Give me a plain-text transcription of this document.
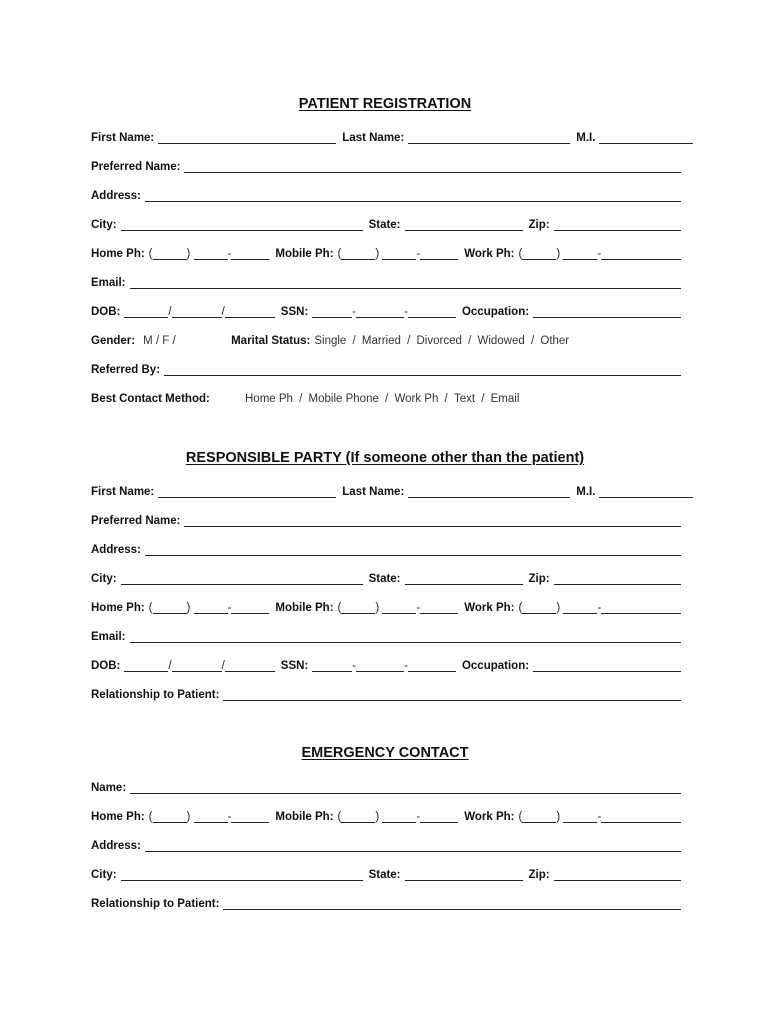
PATIENT REGISTRATION
First Name:	Last Name:	M.I.
Preferred Name:
Address:
City:	State:	Zip:
Home Ph: (	)	-	Mobile Ph: (	)	-	Work Ph: (	)	-
Email:
DOB:	/	/	SSN:	-	-	Occupation:
Gender: M / F /	Marital Status: Single / Married / Divorced / Widowed / Other
Referred By:
Best Contact Method:	Home Ph / Mobile Phone / Work Ph / Text / Email
RESPONSIBLE PARTY (If someone other than the patient)
First Name:	Last Name:	M.I.
Preferred Name:
Address:
City:	State:	Zip:
Home Ph: (	)	-	Mobile Ph: (	)	-	Work Ph: (	)	-
Email:
DOB:	/	/	SSN:	-	-	Occupation:
Relationship to Patient:
EMERGENCY CONTACT
Name:
Home Ph: (	)	-	Mobile Ph: (	)	-	Work Ph: (	)	-
Address:
City:	State:	Zip:
Relationship to Patient:
